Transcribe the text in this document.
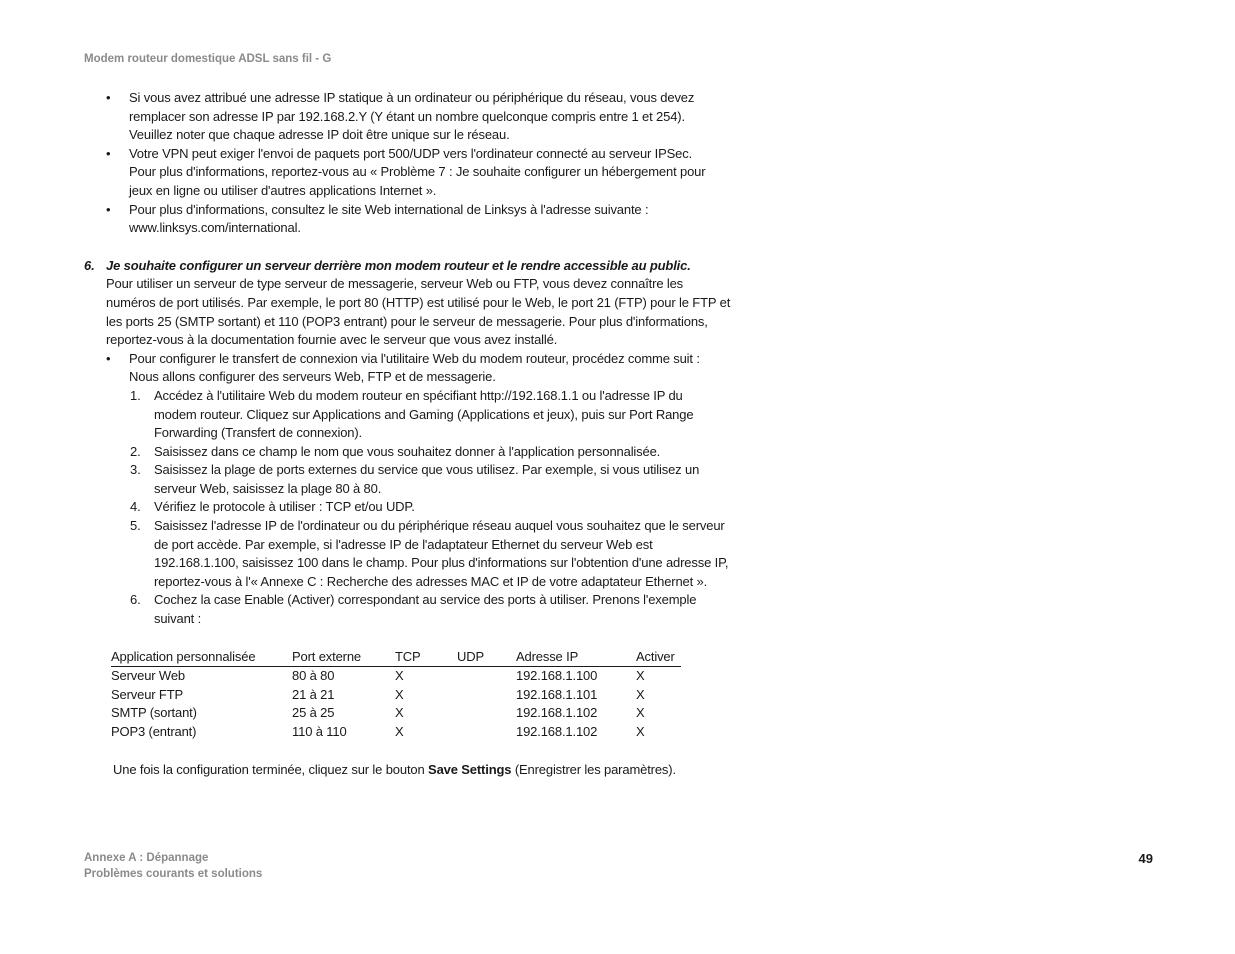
Modem routeur domestique ADSL sans fil - G
• Si vous avez attribué une adresse IP statique à un ordinateur ou périphérique du réseau, vous devez
remplacer son adresse IP par 192.168.2.Y (Y étant un nombre quelconque compris entre 1 et 254).
Veuillez noter que chaque adresse IP doit être unique sur le réseau.
• Votre VPN peut exiger l'envoi de paquets port 500/UDP vers l'ordinateur connecté au serveur IPSec.
Pour plus d'informations, reportez-vous au « Problème 7 : Je souhaite configurer un hébergement pour
jeux en ligne ou utiliser d'autres applications Internet ».
• Pour plus d'informations, consultez le site Web international de Linksys à l'adresse suivante :
www.linksys.com/international.
6. Je souhaite configurer un serveur derrière mon modem routeur et le rendre accessible au public.
Pour utiliser un serveur de type serveur de messagerie, serveur Web ou FTP, vous devez connaître les
numéros de port utilisés. Par exemple, le port 80 (HTTP) est utilisé pour le Web, le port 21 (FTP) pour le FTP et
les ports 25 (SMTP sortant) et 110 (POP3 entrant) pour le serveur de messagerie. Pour plus d'informations,
reportez-vous à la documentation fournie avec le serveur que vous avez installé.
• Pour configurer le transfert de connexion via l'utilitaire Web du modem routeur, procédez comme suit :
Nous allons configurer des serveurs Web, FTP et de messagerie.
1. Accédez à l'utilitaire Web du modem routeur en spécifiant http://192.168.1.1 ou l'adresse IP du
modem routeur. Cliquez sur Applications and Gaming (Applications et jeux), puis sur Port Range
Forwarding (Transfert de connexion).
2. Saisissez dans ce champ le nom que vous souhaitez donner à l'application personnalisée.
3. Saisissez la plage de ports externes du service que vous utilisez. Par exemple, si vous utilisez un
serveur Web, saisissez la plage 80 à 80.
4. Vérifiez le protocole à utiliser : TCP et/ou UDP.
5. Saisissez l'adresse IP de l'ordinateur ou du périphérique réseau auquel vous souhaitez que le serveur
de port accède. Par exemple, si l'adresse IP de l'adaptateur Ethernet du serveur Web est
192.168.1.100, saisissez 100 dans le champ. Pour plus d'informations sur l'obtention d'une adresse IP,
reportez-vous à l'« Annexe C : Recherche des adresses MAC et IP de votre adaptateur Ethernet ».
6. Cochez la case Enable (Activer) correspondant au service des ports à utiliser. Prenons l'exemple
suivant :
Application personnalisée	Port externe	TCP	UDP	Adresse IP	Activer
Serveur Web	80 à 80	X		192.168.1.100	X
Serveur FTP	21 à 21	X		192.168.1.101	X
SMTP (sortant)	25 à 25	X		192.168.1.102	X
POP3 (entrant)	110 à 110	X		192.168.1.102	X
Une fois la configuration terminée, cliquez sur le bouton Save Settings (Enregistrer les paramètres).
Annexe A : Dépannage
Problèmes courants et solutions
49
